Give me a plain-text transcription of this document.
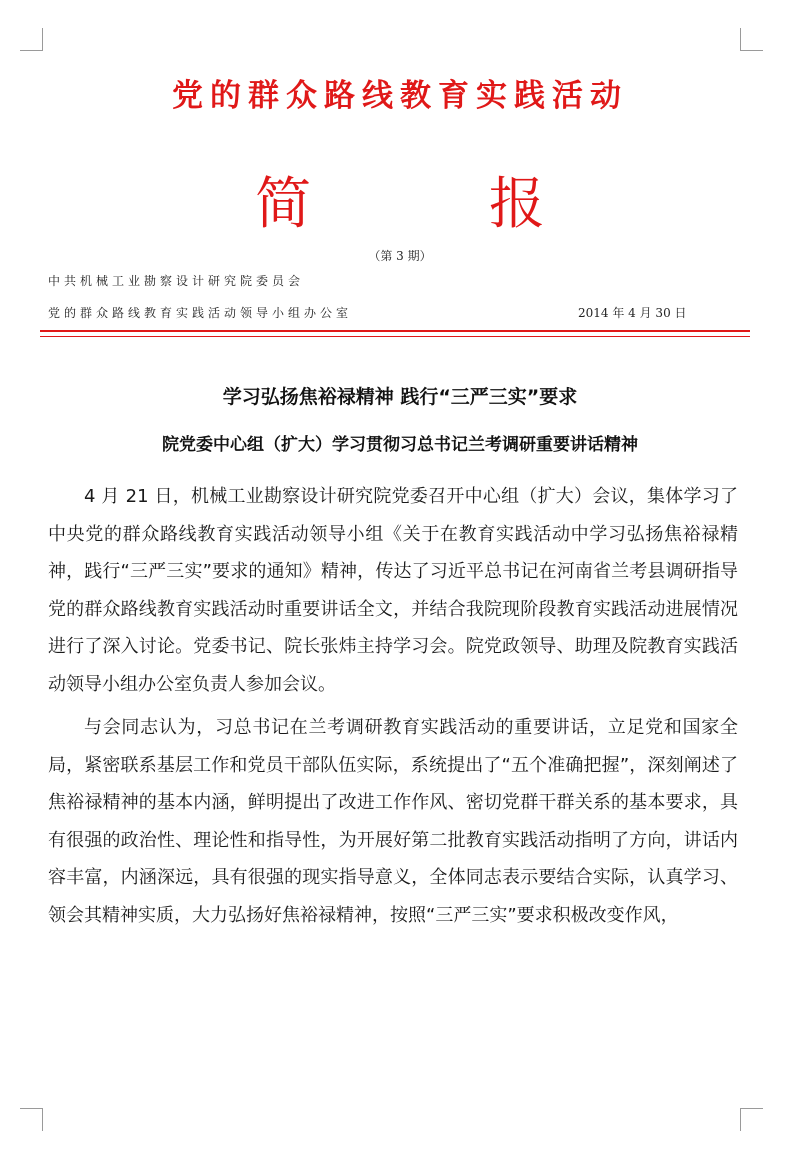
党的群众路线教育实践活动
简 报
（第 3 期）
中共机械工业勘察设计研究院委员会
党的群众路线教育实践活动领导小组办公室	2014 年 4 月 30 日
学习弘扬焦裕禄精神 践行“三严三实”要求
院党委中心组（扩大）学习贯彻习总书记兰考调研重要讲话精神

4 月 21 日，机械工业勘察设计研究院党委召开中心组（扩大）会议，集体学习了中央党的群众路线教育实践活动领导小组《关于在教育实践活动中学习弘扬焦裕禄精神，践行“三严三实”要求的通知》精神，传达了习近平总书记在河南省兰考县调研指导党的群众路线教育实践活动时重要讲话全文，并结合我院现阶段教育实践活动进展情况进行了深入讨论。党委书记、院长张炜主持学习会。院党政领导、助理及院教育实践活动领导小组办公室负责人参加会议。

与会同志认为，习总书记在兰考调研教育实践活动的重要讲话，立足党和国家全局，紧密联系基层工作和党员干部队伍实际，系统提出了“五个准确把握”，深刻阐述了焦裕禄精神的基本内涵，鲜明提出了改进工作作风、密切党群干群关系的基本要求，具有很强的政治性、理论性和指导性，为开展好第二批教育实践活动指明了方向，讲话内容丰富，内涵深远，具有很强的现实指导意义，全体同志表示要结合实际，认真学习、领会其精神实质，大力弘扬好焦裕禄精神，按照“三严三实”要求积极改变作风，
